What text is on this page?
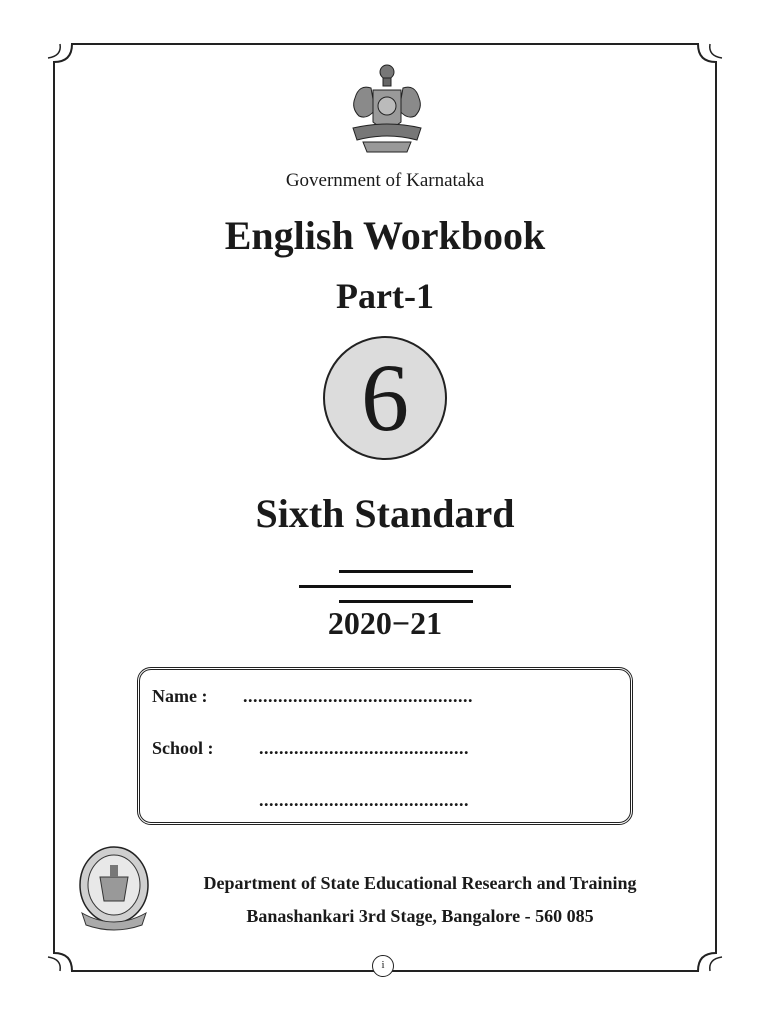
Government of Karnataka
English Workbook
Part-1
6
Sixth Standard
2020−21
Name : ..............................................
School :	..........................................
..........................................
Department of State Educational Research and Training
Banashankari 3rd Stage, Bangalore - 560 085
i
